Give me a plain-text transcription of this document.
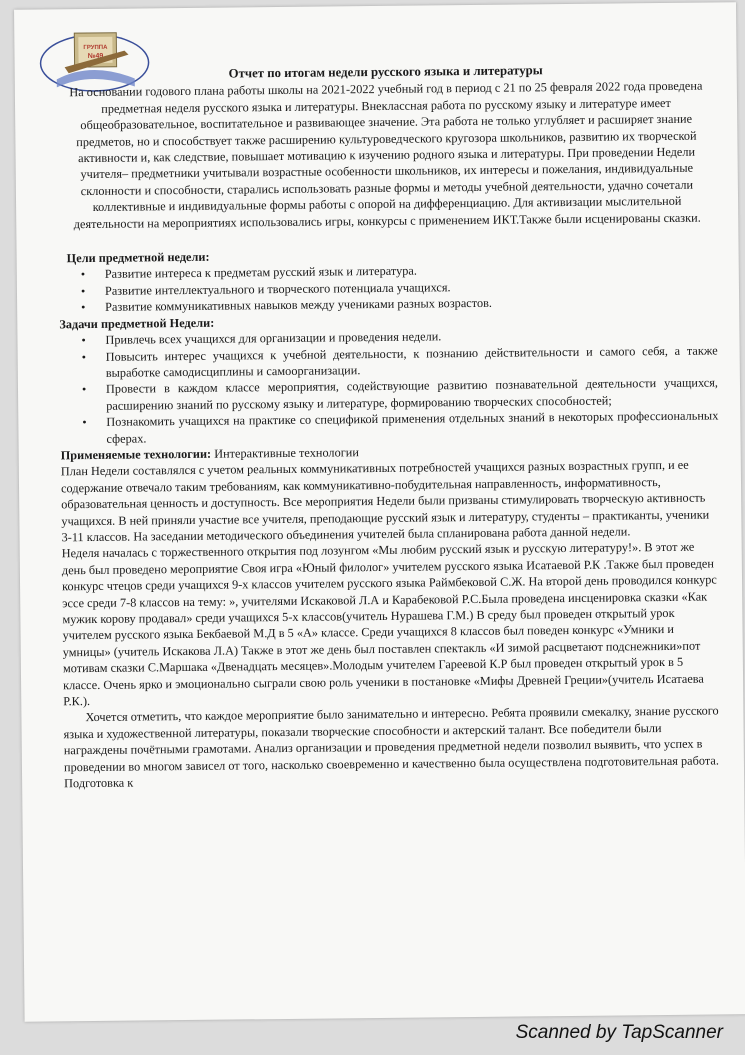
ГРУППА
№49
Отчет по итогам недели русского языка и литературы

На основании годового плана работы школы на 2021-2022 учебный год в период с 21 по 25 февраля 2022 года проведена предметная неделя русского языка и литературы. Внеклассная работа по русскому языку и литературе имеет общеобразовательное, воспитательное и развивающее значение. Эта работа не только углубляет и расширяет знание предметов, но и способствует также расширению культуроведческого кругозора школьников, развитию их творческой активности и, как следствие, повышает мотивацию к изучению родного языка и литературы. При проведении Недели учителя– предметники учитывали возрастные особенности школьников, их интересы и пожелания, индивидуальные склонности и способности, старались использовать разные формы и методы учебной деятельности, удачно сочетали коллективные и индивидуальные формы работы с опорой на дифференциацию. Для активизации мыслительной деятельности на мероприятиях использовались игры, конкурсы с применением ИКТ.Также были исценированы сказки.

Цели предметной недели:

• Развитие интереса к предметам русский язык и литература.
• Развитие интеллектуального и творческого потенциала учащихся.
• Развитие коммуникативных навыков между учениками разных возрастов.

Задачи предметной Недели:

• Привлечь всех учащихся для организации и проведения недели.
• Повысить интерес учащихся к учебной деятельности, к познанию действительности и самого себя, а также выработке самодисциплины и самоорганизации.
• Провести в каждом классе мероприятия, содействующие развитию познавательной деятельности учащихся, расширению знаний по русскому языку и литературе, формированию творческих способностей;
• Познакомить учащихся на практике со спецификой применения отдельных знаний в некоторых профессиональных сферах.

Применяемые технологии: Интерактивные технологии

План Недели составлялся с учетом реальных коммуникативных потребностей учащихся разных возрастных групп, и ее содержание отвечало таким требованиям, как коммуникативно-побудительная направленность, информативность, образовательная ценность и доступность. Все мероприятия Недели были призваны стимулировать творческую активность учащихся. В ней приняли участие все учителя, преподающие русский язык и литературу, студенты – практиканты, ученики 3-11 классов. На заседании методического объединения учителей была спланирована работа данной недели.

Неделя началась с торжественного открытия под лозунгом «Мы любим русский язык и русскую литературу!». В этот же день был проведено мероприятие Своя игра «Юный филолог» учителем русского языка Исатаевой Р.К .Также был проведен конкурс чтецов среди учащихся 9-х классов учителем русского языка Раймбековой С.Ж. На второй день проводился конкурс эссе среди 7-8 классов на тему: », учителями Искаковой Л.А и Карабековой Р.С.Была проведена инсценировка сказки «Как мужик корову продавал» среди учащихся 5-х классов(учитель Нурашева Г.М.) В среду был проведен открытый урок учителем русского языка Бекбаевой М.Д в 5 «А» классе. Среди учащихся 8 классов был поведен конкурс «Умники и умницы» (учитель Искакова Л.А) Также в этот же день был поставлен спектакль «И зимой расцветают подснежники»пот мотивам сказки С.Маршака «Двенадцать месяцев».Молодым учителем Гареевой К.Р был проведен открытый урок в 5 классе. Очень ярко и эмоционально сыграли свою роль ученики в постановке «Мифы Древней Греции»(учитель Исатаева Р.К.).

Хочется отметить, что каждое мероприятие было занимательно и интересно. Ребята проявили смекалку, знание русского языка и художественной литературы, показали творческие способности и актерский талант. Все победители были награждены почётными грамотами. Анализ организации и проведения предметной недели позволил выявить, что успех в проведении во многом зависел от того, насколько своевременно и качественно была осуществлена подготовительная работа. Подготовка к

Scanned by TapScanner
